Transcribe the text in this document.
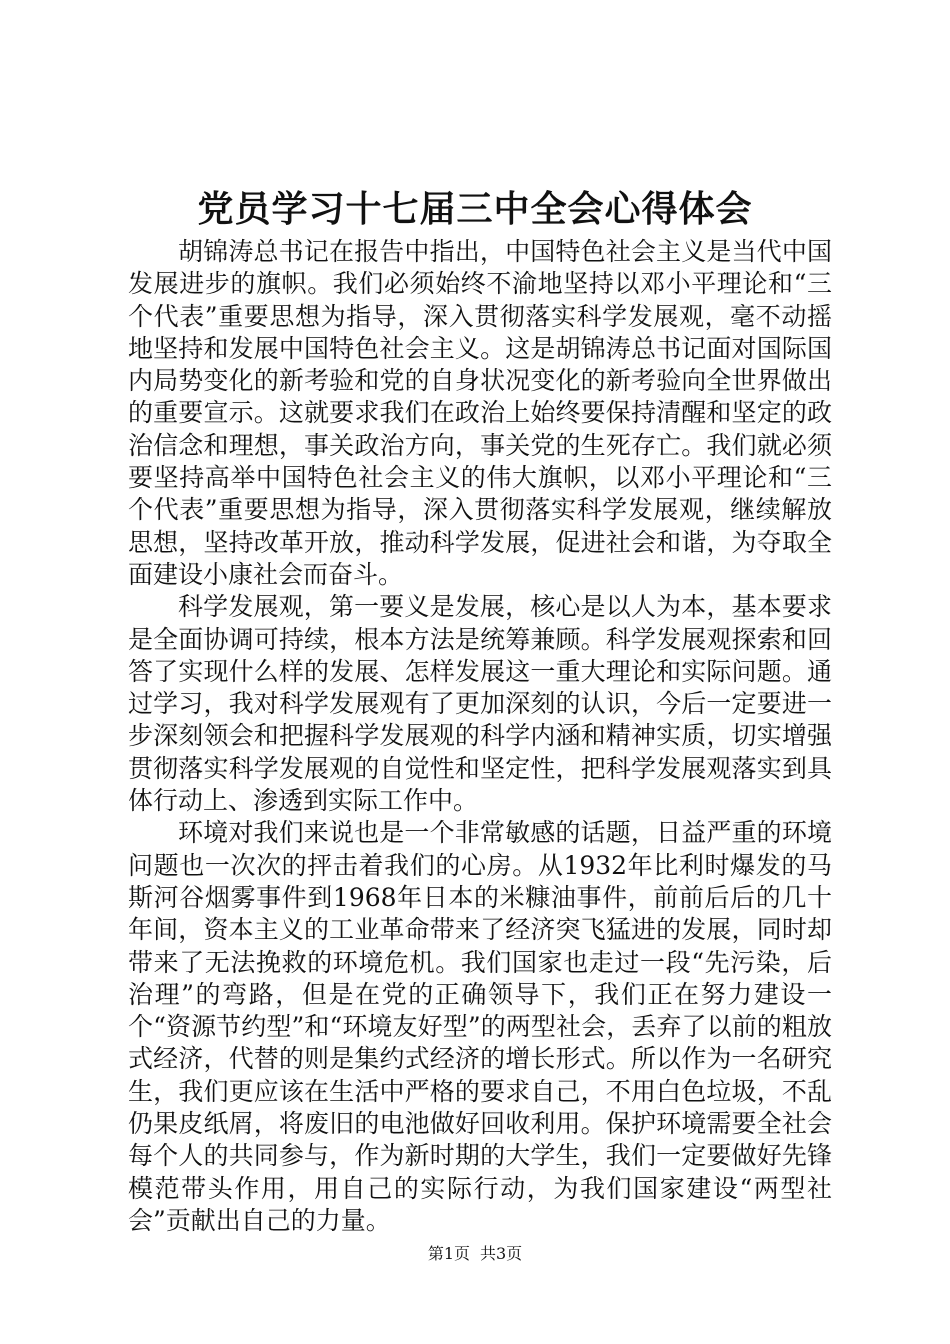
党员学习十七届三中全会心得体会

胡锦涛总书记在报告中指出，中国特色社会主义是当代中国发展进步的旗帜。我们必须始终不渝地坚持以邓小平理论和“三个代表”重要思想为指导，深入贯彻落实科学发展观，毫不动摇地坚持和发展中国特色社会主义。这是胡锦涛总书记面对国际国内局势变化的新考验和党的自身状况变化的新考验向全世界做出的重要宣示。这就要求我们在政治上始终要保持清醒和坚定的政治信念和理想，事关政治方向，事关党的生死存亡。我们就必须要坚持高举中国特色社会主义的伟大旗帜，以邓小平理论和“三个代表”重要思想为指导，深入贯彻落实科学发展观，继续解放思想，坚持改革开放，推动科学发展，促进社会和谐，为夺取全面建设小康社会而奋斗。

科学发展观，第一要义是发展，核心是以人为本，基本要求是全面协调可持续，根本方法是统筹兼顾。科学发展观探索和回答了实现什么样的发展、怎样发展这一重大理论和实际问题。通过学习，我对科学发展观有了更加深刻的认识，今后一定要进一步深刻领会和把握科学发展观的科学内涵和精神实质，切实增强贯彻落实科学发展观的自觉性和坚定性，把科学发展观落实到具体行动上、渗透到实际工作中。

环境对我们来说也是一个非常敏感的话题，日益严重的环境问题也一次次的抨击着我们的心房。从1932年比利时爆发的马斯河谷烟雾事件到1968年日本的米糠油事件，前前后后的几十年间，资本主义的工业革命带来了经济突飞猛进的发展，同时却带来了无法挽救的环境危机。我们国家也走过一段“先污染，后治理”的弯路，但是在党的正确领导下，我们正在努力建设一个“资源节约型”和“环境友好型”的两型社会，丢弃了以前的粗放式经济，代替的则是集约式经济的增长形式。所以作为一名研究生，我们更应该在生活中严格的要求自己，不用白色垃圾，不乱仍果皮纸屑，将废旧的电池做好回收利用。保护环境需要全社会每个人的共同参与，作为新时期的大学生，我们一定要做好先锋模范带头作用，用自己的实际行动，为我们国家建设“两型社会”贡献出自己的力量。

第1页 共3页
